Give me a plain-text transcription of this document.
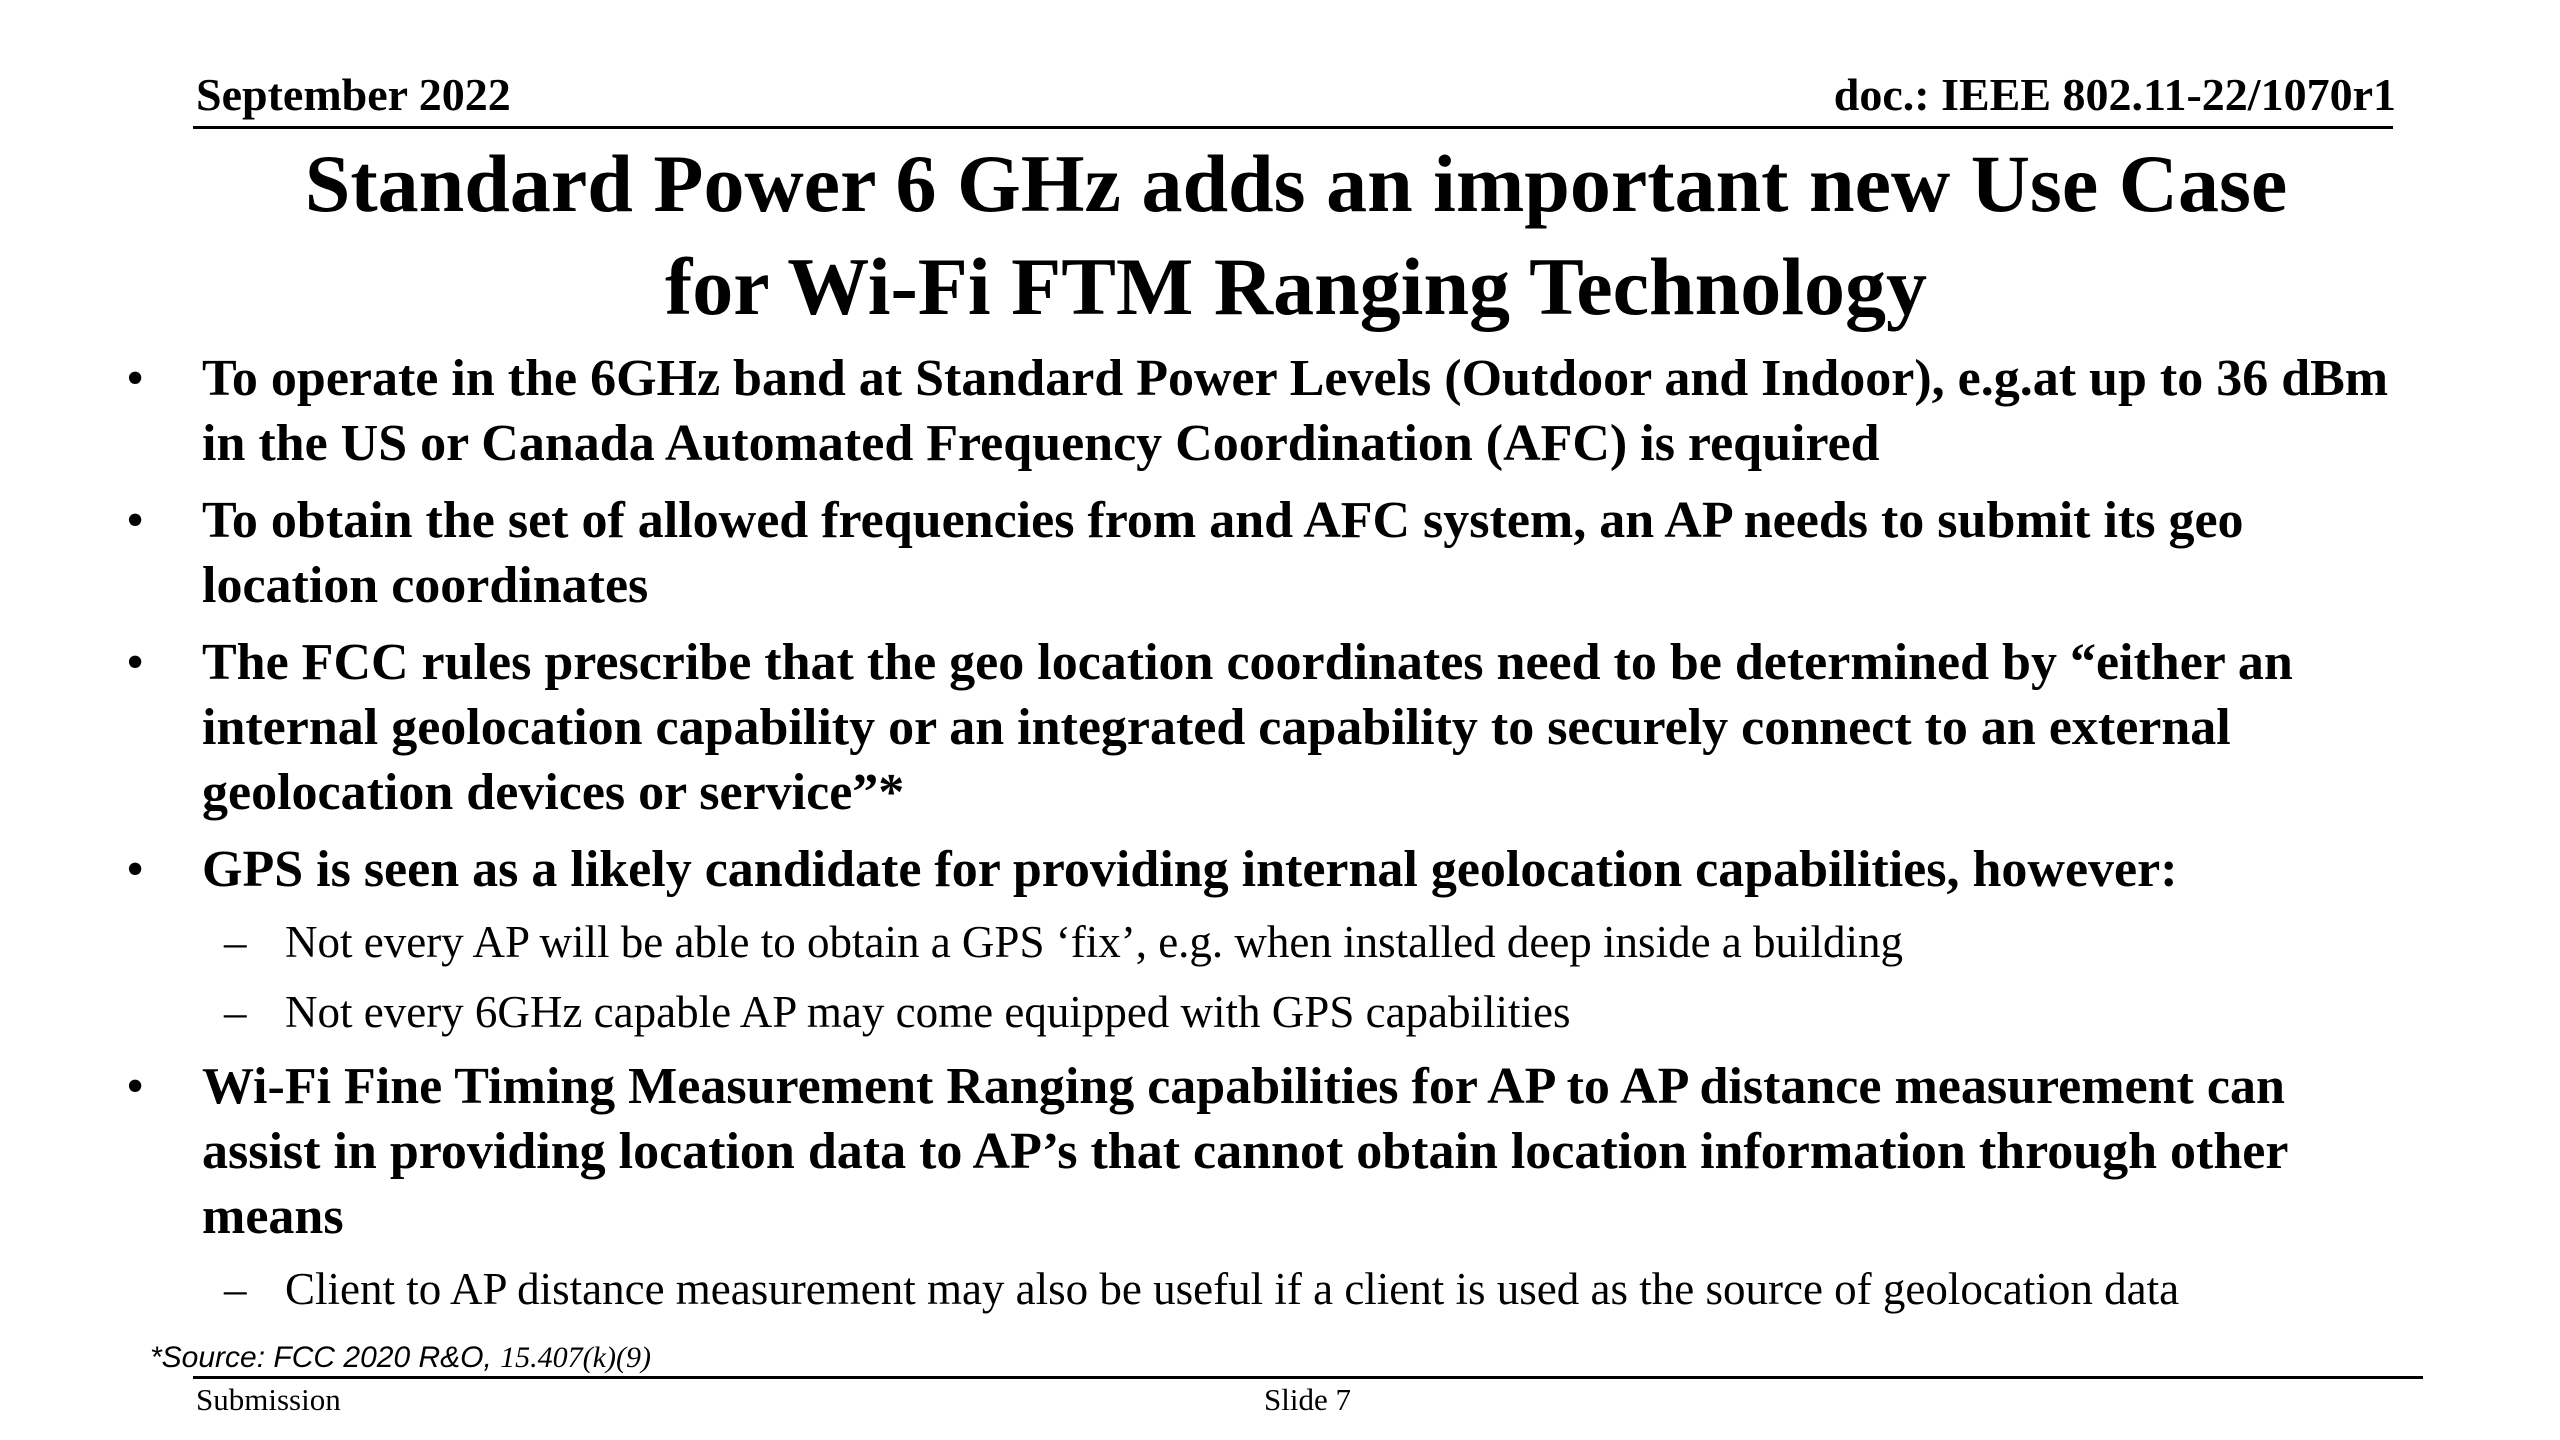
September 2022	doc.: IEEE 802.11-22/1070r1
Standard Power 6 GHz adds an important new Use Case
for Wi-Fi FTM Ranging Technology
• To operate in the 6GHz band at Standard Power Levels (Outdoor and Indoor), e.g.at up to 36 dBm in the US or Canada Automated Frequency Coordination (AFC) is required
• To obtain the set of allowed frequencies from and AFC system, an AP needs to submit its geo location coordinates
• The FCC rules prescribe that the geo location coordinates need to be determined by “either an internal geolocation capability or an integrated capability to securely connect to an external geolocation devices or service”*
• GPS is seen as a likely candidate for providing internal geolocation capabilities, however:
– Not every AP will be able to obtain a GPS ‘fix’, e.g. when installed deep inside a building
– Not every 6GHz capable AP may come equipped with GPS capabilities
• Wi-Fi Fine Timing Measurement Ranging capabilities for AP to AP distance measurement can assist in providing location data to AP’s that cannot obtain location information through other means
– Client to AP distance measurement may also be useful if a client is used as the source of geolocation data
*Source: FCC 2020 R&O, 15.407(k)(9)
Submission	Slide 7
